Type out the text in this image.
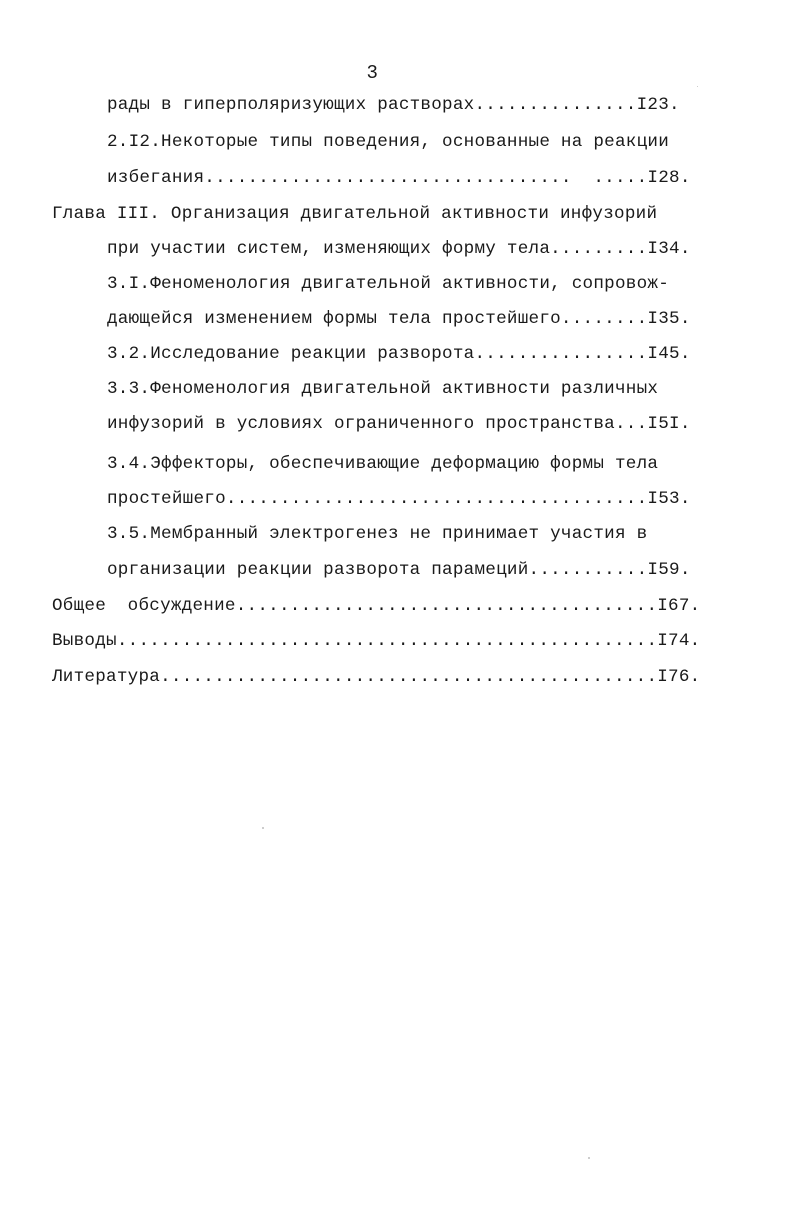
3
рады в гиперполяризующих растворах...............I23.
2.I2.Некоторые типы поведения, основанные на реакции
избегания..................................  .....I28.
Глава III. Организация двигательной активности инфузорий
при участии систем, изменяющих форму тела.........I34.
3.I.Феноменология двигательной активности, сопровож-
дающейся изменением формы тела простейшего........I35.
3.2.Исследование реакции разворота................I45.
3.3.Феноменология двигательной активности различных
инфузорий в условиях ограниченного пространства...I5I.
3.4.Эффекторы, обеспечивающие деформацию формы тела
простейшего.......................................I53.
3.5.Мембранный электрогенез не принимает участия в
организации реакции разворота парамеций...........I59.
Общее  обсуждение.......................................I67.
Выводы..................................................I74.
Литература..............................................I76.
